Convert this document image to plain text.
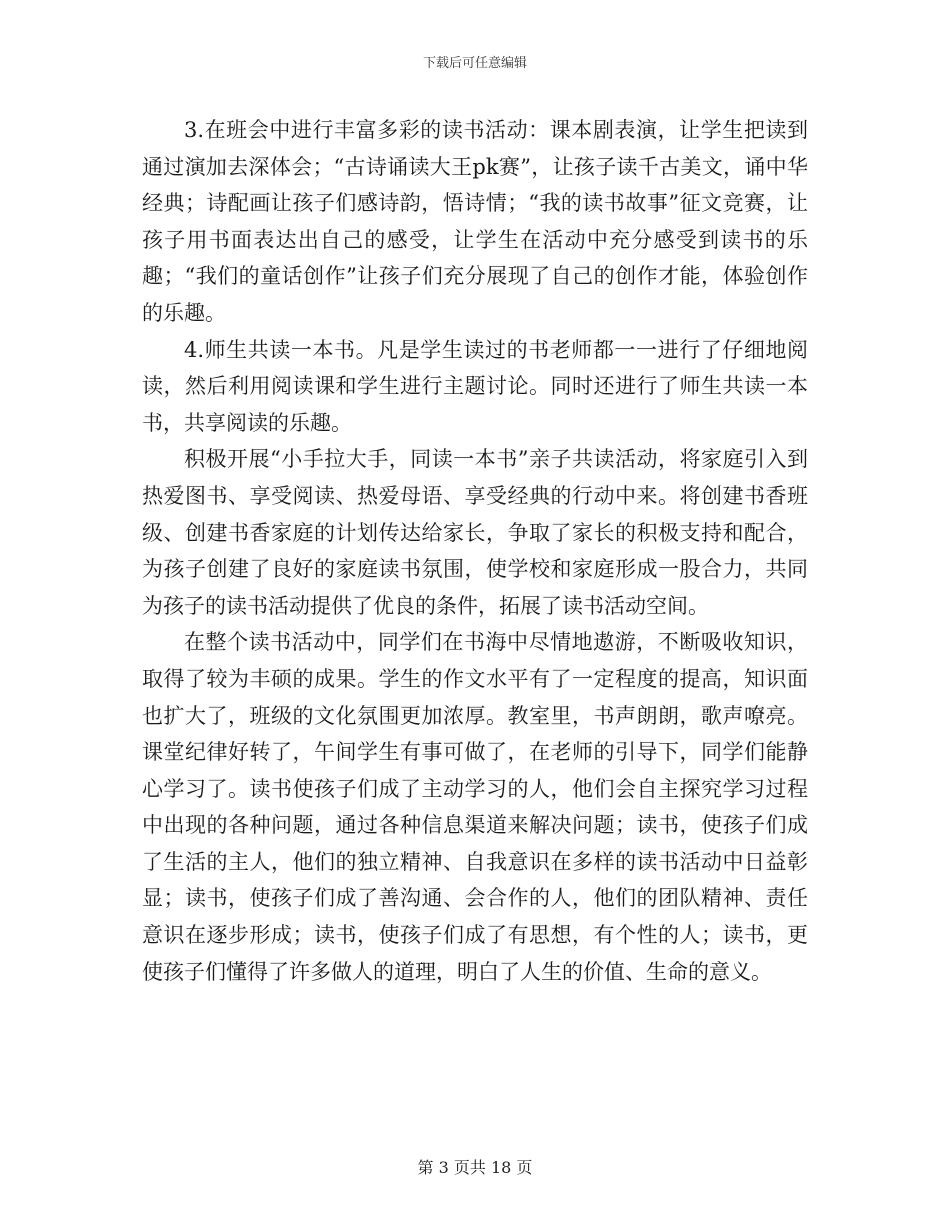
下载后可任意编辑

3.在班会中进行丰富多彩的读书活动：课本剧表演，让学生把读到通过演加去深体会；“古诗诵读大王pk赛”，让孩子读千古美文，诵中华经典；诗配画让孩子们感诗韵，悟诗情；“我的读书故事”征文竞赛，让孩子用书面表达出自己的感受，让学生在活动中充分感受到读书的乐趣；“我们的童话创作”让孩子们充分展现了自己的创作才能，体验创作的乐趣。

4.师生共读一本书。凡是学生读过的书老师都一一进行了仔细地阅读，然后利用阅读课和学生进行主题讨论。同时还进行了师生共读一本书，共享阅读的乐趣。

积极开展“小手拉大手，同读一本书”亲子共读活动，将家庭引入到热爱图书、享受阅读、热爱母语、享受经典的行动中来。将创建书香班级、创建书香家庭的计划传达给家长，争取了家长的积极支持和配合，为孩子创建了良好的家庭读书氛围，使学校和家庭形成一股合力，共同为孩子的读书活动提供了优良的条件，拓展了读书活动空间。

在整个读书活动中，同学们在书海中尽情地遨游，不断吸收知识，取得了较为丰硕的成果。学生的作文水平有了一定程度的提高，知识面也扩大了，班级的文化氛围更加浓厚。教室里，书声朗朗，歌声嘹亮。课堂纪律好转了，午间学生有事可做了，在老师的引导下，同学们能静心学习了。读书使孩子们成了主动学习的人，他们会自主探究学习过程中出现的各种问题，通过各种信息渠道来解决问题；读书，使孩子们成了生活的主人，他们的独立精神、自我意识在多样的读书活动中日益彰显；读书，使孩子们成了善沟通、会合作的人，他们的团队精神、责任意识在逐步形成；读书，使孩子们成了有思想，有个性的人；读书，更使孩子们懂得了许多做人的道理，明白了人生的价值、生命的意义。

第 3 页共 18 页
